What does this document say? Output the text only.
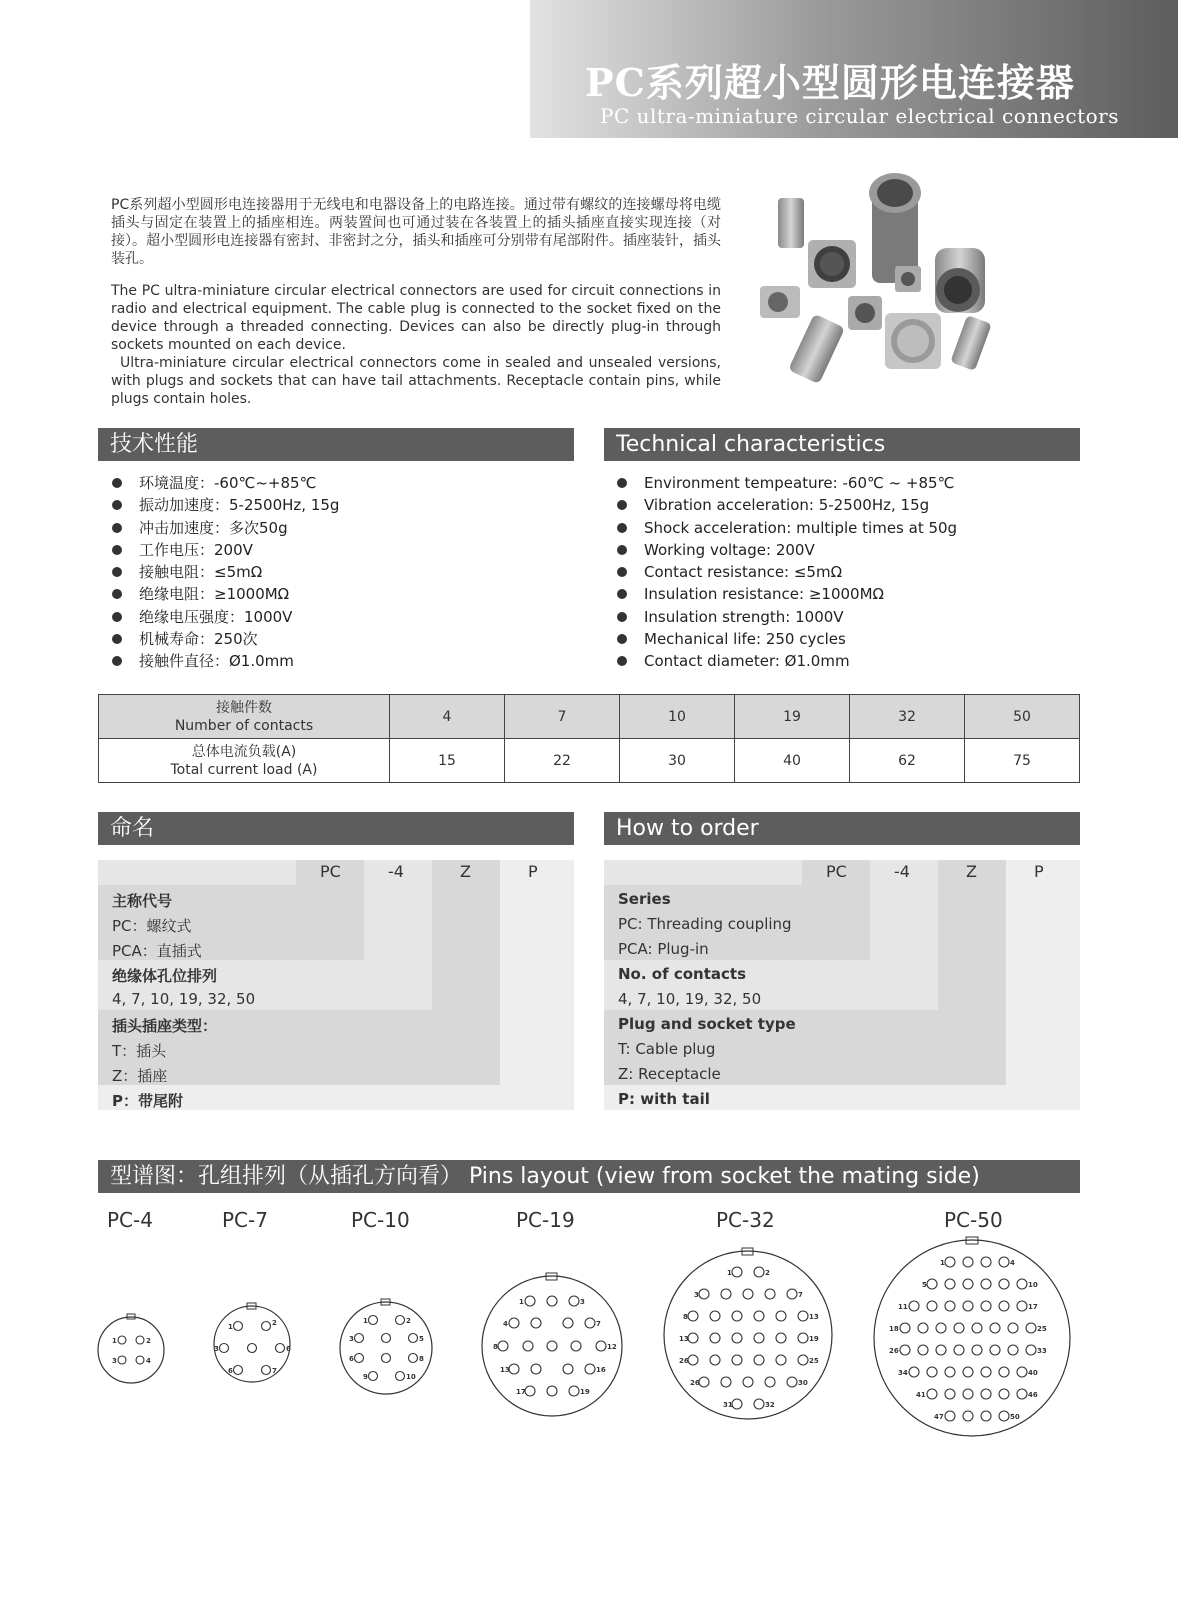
PC系列超小型圆形电连接器
PC ultra-miniature circular electrical connectors

PC系列超小型圆形电连接器用于无线电和电器设备上的电路连接。通过带有螺纹的连接螺母将电缆插头与固定在装置上的插座相连。两装置间也可通过装在各装置上的插头插座直接实现连接（对接）。超小型圆形电连接器有密封、非密封之分，插头和插座可分别带有尾部附件。插座装针，插头装孔。

The PC ultra-miniature circular electrical connectors are used for circuit connections in radio and electrical equipment. The cable plug is connected to the socket fixed on the device through a threaded connecting. Devices can also be directly plug-in through sockets mounted on each device.

Ultra-miniature circular electrical connectors come in sealed and unsealed versions, with plugs and sockets that can have tail attachments. Receptacle contain pins, while plugs contain holes.

技术性能	Technical characteristics
环境温度：-60℃~+85℃
振动加速度：5-2500Hz, 15g
冲击加速度：多次50g
工作电压：200V
接触电阻：≤5mΩ
绝缘电阻：≥1000MΩ
绝缘电压强度：1000V
机械寿命：250次
接触件直径：Ø1.0mm
Environment tempeature: -60℃ ~ +85℃
Vibration acceleration: 5-2500Hz, 15g
Shock acceleration: multiple times at 50g
Working voltage: 200V
Contact resistance: ≤5mΩ
Insulation resistance: ≥1000MΩ
Insulation strength: 1000V
Mechanical life: 250 cycles
Contact diameter: Ø1.0mm
接触件数
Number of contacts	4	7	10	19	32	50
总体电流负载(A)
Total current load (A)	15	22	30	40	62	75
命名	How to order
PC	-4	Z	P
主称代号
PC：螺纹式
PCA：直插式
绝缘体孔位排列
4, 7, 10, 19, 32, 50
插头插座类型：
T：插头
Z：插座
P：带尾附
PC	-4	Z	P
Series
PC: Threading coupling
PCA: Plug-in
No. of contacts
4, 7, 10, 19, 32, 50
Plug and socket type
T: Cable plug
Z: Receptacle
P: with tail
型谱图：孔组排列（从插孔方向看） Pins layout (view from socket the mating side)
PC-4	PC-7	PC-10	PC-19	PC-32	PC-50
1	2
3	4
1	2
3	6
6	7
1	2
3	5
6	8
9	10
1	3
4	7
8	12
13	16
17	19
1	2
3	7
8	13
13	19
26	25
26	30
31	32
1	4
5	10
11	17
18	25
26	33
34	40
41	46
47	50
